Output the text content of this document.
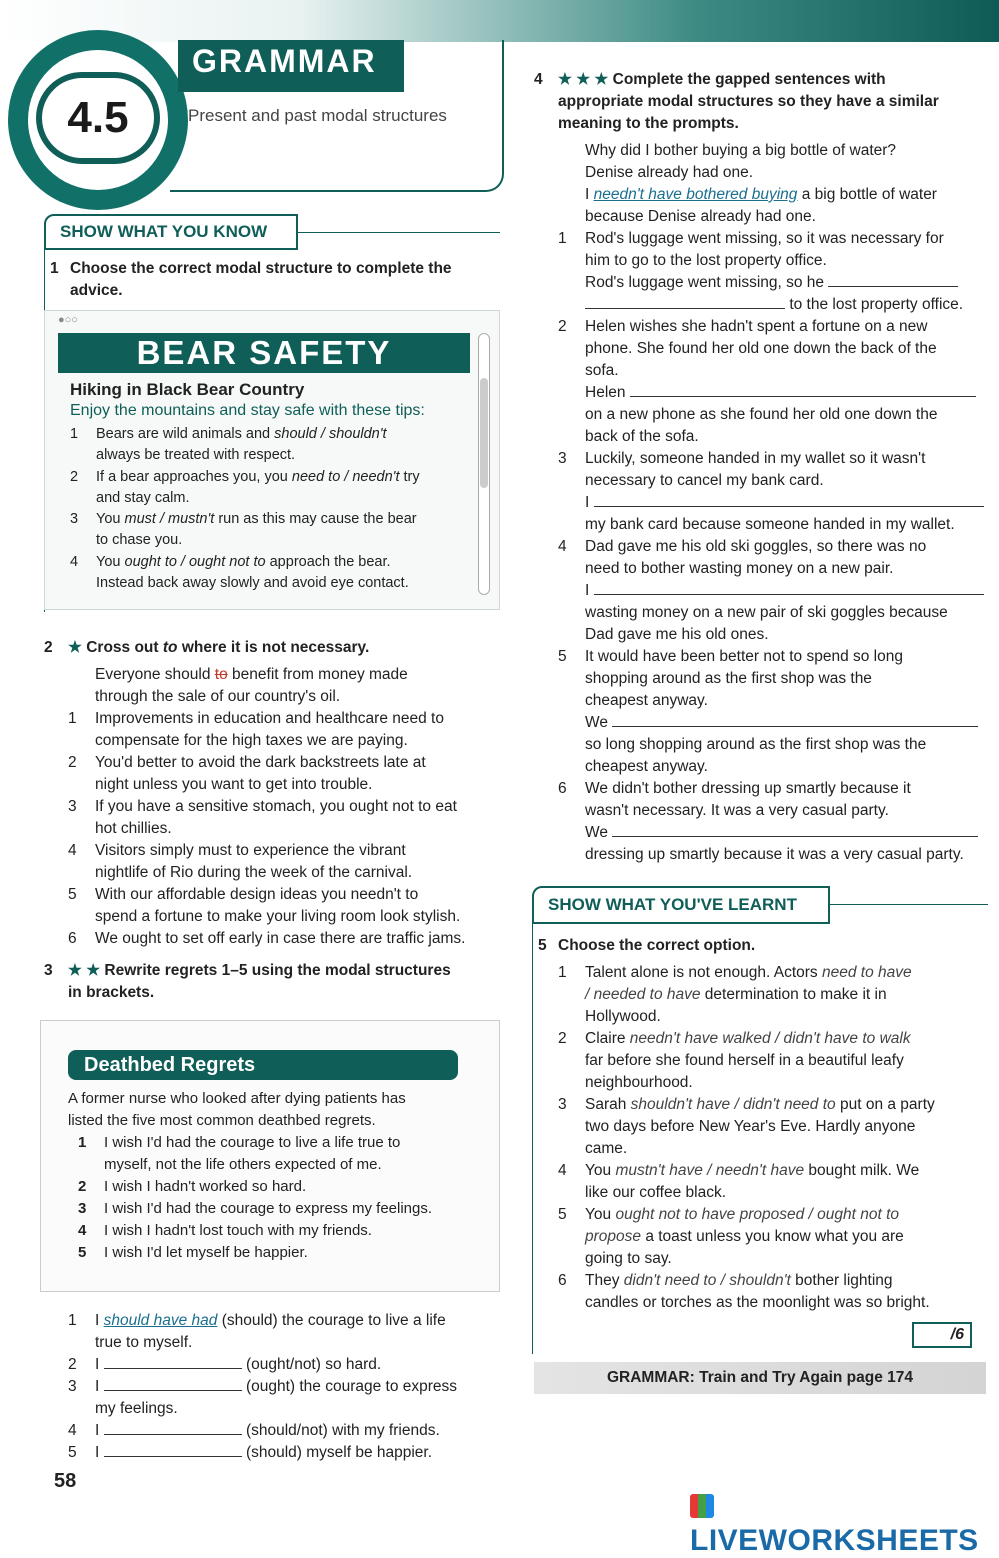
4.5
GRAMMAR
Present and past modal structures
SHOW WHAT YOU KNOW
1 Choose the correct modal structure to complete the advice.
●○○
BEAR SAFETY
Hiking in Black Bear Country
Enjoy the mountains and stay safe with these tips:
1 Bears are wild animals and should / shouldn't
always be treated with respect.
2 If a bear approaches you, you need to / needn't try
and stay calm.
3 You must / mustn't run as this may cause the bear
to chase you.
4 You ought to / ought not to approach the bear.
Instead back away slowly and avoid eye contact.
2 ★ Cross out to where it is not necessary.
Everyone should to benefit from money made
through the sale of our country's oil.
1 Improvements in education and healthcare need to
compensate for the high taxes we are paying.
2 You'd better to avoid the dark backstreets late at
night unless you want to get into trouble.
3 If you have a sensitive stomach, you ought not to eat
hot chillies.
4 Visitors simply must to experience the vibrant
nightlife of Rio during the week of the carnival.
5 With our affordable design ideas you needn't to
spend a fortune to make your living room look stylish.
6 We ought to set off early in case there are traffic jams.
3 ★ ★ Rewrite regrets 1–5 using the modal structures
in brackets.
Deathbed Regrets
A former nurse who looked after dying patients has
listed the five most common deathbed regrets.
1 I wish I'd had the courage to live a life true to
myself, not the life others expected of me.
2 I wish I hadn't worked so hard.
3 I wish I'd had the courage to express my feelings.
4 I wish I hadn't lost touch with my friends.
5 I wish I'd let myself be happier.
1 I should have had (should) the courage to live a life
true to myself.
2 I	(ought/not) so hard.
3 I	(ought) the courage to express
my feelings.
4 I	(should/not) with my friends.
5 I	(should) myself be happier.
58
4 ★ ★ ★ Complete the gapped sentences with
appropriate modal structures so they have a similar
meaning to the prompts.
Why did I bother buying a big bottle of water?
Denise already had one.
I needn't have bothered buying a big bottle of water
because Denise already had one.
1 Rod's luggage went missing, so it was necessary for
him to go to the lost property office.
Rod's luggage went missing, so he
to the lost property office.
2 Helen wishes she hadn't spent a fortune on a new
phone. She found her old one down the back of the
sofa.
Helen
on a new phone as she found her old one down the
back of the sofa.
3 Luckily, someone handed in my wallet so it wasn't
necessary to cancel my bank card.
I
my bank card because someone handed in my wallet.
4 Dad gave me his old ski goggles, so there was no
need to bother wasting money on a new pair.
I
wasting money on a new pair of ski goggles because
Dad gave me his old ones.
5 It would have been better not to spend so long
shopping around as the first shop was the
cheapest anyway.
We
so long shopping around as the first shop was the
cheapest anyway.
6 We didn't bother dressing up smartly because it
wasn't necessary. It was a very casual party.
We
dressing up smartly because it was a very casual party.
SHOW WHAT YOU'VE LEARNT
5 Choose the correct option.
1 Talent alone is not enough. Actors need to have
/ needed to have determination to make it in
Hollywood.
2 Claire needn't have walked / didn't have to walk
far before she found herself in a beautiful leafy
neighbourhood.
3 Sarah shouldn't have / didn't need to put on a party
two days before New Year's Eve. Hardly anyone
came.
4 You mustn't have / needn't have bought milk. We
like our coffee black.
5 You ought not to have proposed / ought not to
propose a toast unless you know what you are
going to say.
6 They didn't need to / shouldn't bother lighting
candles or torches as the moonlight was so bright.
/6
GRAMMAR: Train and Try Again page 174
LIVEWORKSHEETS
